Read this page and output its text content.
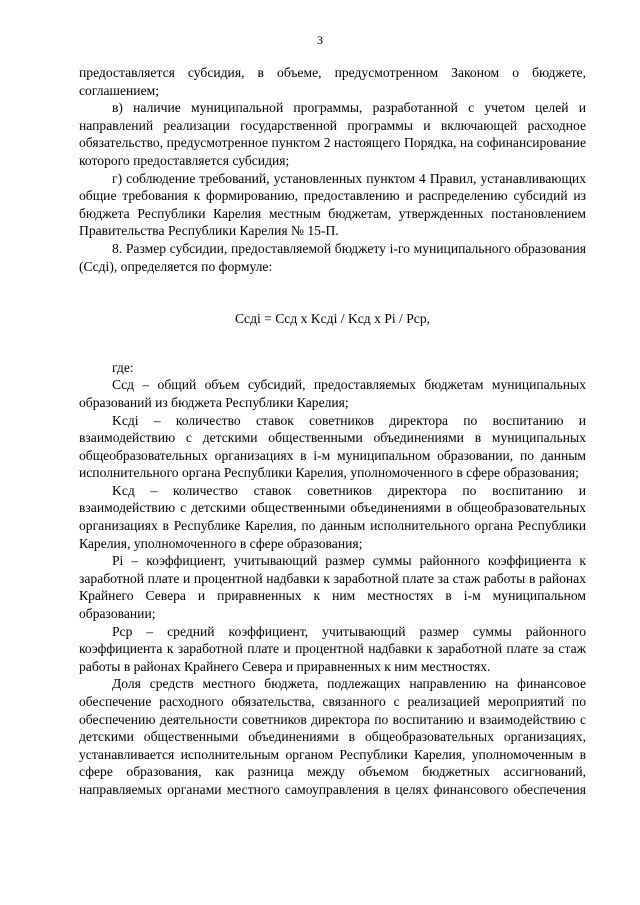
3

предоставляется субсидия, в объеме, предусмотренном Законом о бюджете, соглашением;

в) наличие муниципальной программы, разработанной с учетом целей и направлений реализации государственной программы и включающей расходное обязательство, предусмотренное пунктом 2 настоящего Порядка, на софинансирование которого предоставляется субсидия;

г) соблюдение требований, установленных пунктом 4 Правил, устанавливающих общие требования к формированию, предоставлению и распределению субсидий из бюджета Республики Карелия местным бюджетам, утвержденных постановлением Правительства Республики Карелия № 15-П.

8. Размер субсидии, предоставляемой бюджету i-го муниципального образования (Ccдi), определяется по формуле:

Ccдi = Ccд x Kcдi / Kcд x Pi / Pcp,

где:

Ccд – общий объем субсидий, предоставляемых бюджетам муниципальных образований из бюджета Республики Карелия;

Kcдi – количество ставок советников директора по воспитанию и взаимодействию с детскими общественными объединениями в муниципальных общеобразовательных организациях в i-м муниципальном образовании, по данным исполнительного органа Республики Карелия, уполномоченного в сфере образования;

Kcд – количество ставок советников директора по воспитанию и взаимодействию с детскими общественными объединениями в общеобразовательных организациях в Республике Карелия, по данным исполнительного органа Республики Карелия, уполномоченного в сфере образования;

Pi – коэффициент, учитывающий размер суммы районного коэффициента к заработной плате и процентной надбавки к заработной плате за стаж работы в районах Крайнего Севера и приравненных к ним местностях в i-м муниципальном образовании;

Pcp – средний коэффициент, учитывающий размер суммы районного коэффициента к заработной плате и процентной надбавки к заработной плате за стаж работы в районах Крайнего Севера и приравненных к ним местностях.

Доля средств местного бюджета, подлежащих направлению на финансовое обеспечение расходного обязательства, связанного с реализацией мероприятий по обеспечению деятельности советников директора по воспитанию и взаимодействию с детскими общественными объединениями в общеобразовательных организациях, устанавливается исполнительным органом Республики Карелия, уполномоченным в сфере образования, как разница между объемом бюджетных ассигнований, направляемых органами местного самоуправления в целях финансового обеспечения
